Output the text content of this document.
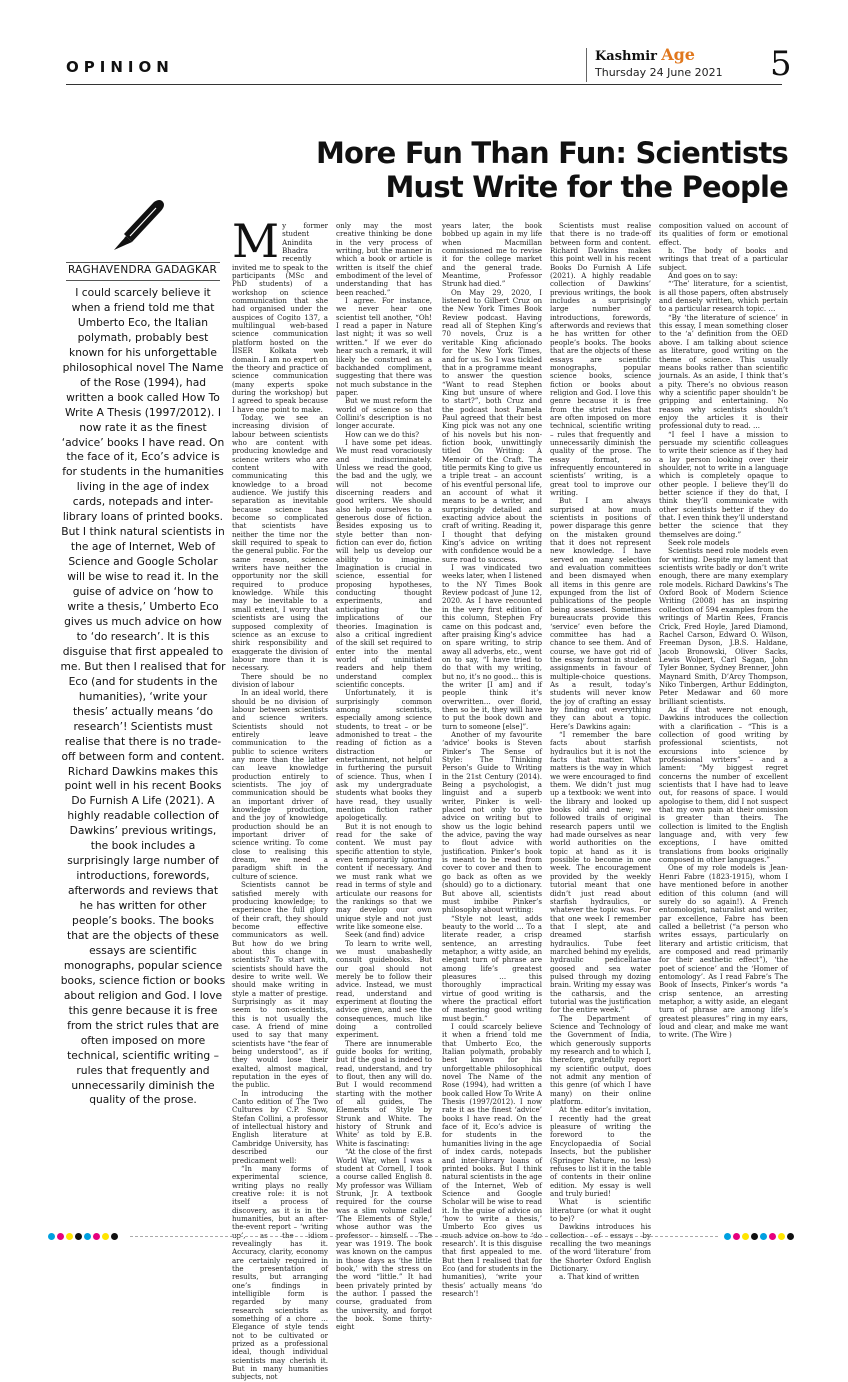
OPINION
Kashmir Age
Thursday 24 June 2021 5
More Fun Than Fun: Scientists
Must Write for the People
RAGHAVENDRA GADAGKAR
I could scarcely believe it when a friend told me that Umberto Eco, the Italian polymath, probably best known for his unforgettable philosophical novel The Name of the Rose (1994), had written a book called How To Write A Thesis (1997/2012). I now rate it as the finest ‘advice’ books I have read. On the face of it, Eco’s advice is for students in the humanities living in the age of index cards, notepads and inter-library loans of printed books. But I think natural scientists in the age of Internet, Web of Science and Google Scholar will be wise to read it. In the guise of advice on ‘how to write a thesis,’ Umberto Eco gives us much advice on how to ‘do research’. It is this disguise that first appealed to me. But then I realised that for Eco (and for students in the humanities), ‘write your thesis’ actually means ‘do research’! Scientists must realise that there is no trade-off between form and content. Richard Dawkins makes this point well in his recent Books Do Furnish A Life (2021). A highly readable collection of Dawkins’ previous writings, the book includes a surprisingly large number of introductions, forewords, afterwords and reviews that he has written for other people’s books. The books that are the objects of these essays are scientific monographs, popular science books, science fiction or books about religion and God. I love this genre because it is free from the strict rules that are often imposed on more technical, scientific writing – rules that frequently and unnecessarily diminish the quality of the prose.
M y former student Anindita Bhadra recently invited me to speak to the participants (MSc and PhD students) of a workshop on science communication that she had organised under the auspices of Cogito 137, a multilingual web-based science communication platform hosted on the IISER Kolkata web domain. I am no expert on the theory and practice of science communication (many experts spoke during the workshop) but I agreed to speak because I have one point to make.

Today, we see an increasing division of labour between scientists who are content with producing knowledge and science writers who are content with communicating this knowledge to a broad audience. We justify this separation as inevitable because science has become so complicated that scientists have neither the time nor the skill required to speak to the general public. For the same reason, science writers have neither the opportunity nor the skill required to produce knowledge. While this may be inevitable to a small extent, I worry that scientists are using the supposed complexity of science as an excuse to shirk responsibility and exaggerate the division of labour more than it is necessary.

There should be no division of labour

In an ideal world, there should be no division of labour between scientists and science writers. Scientists should not entirely leave communication to the public to science writers any more than the latter can leave knowledge production entirely to scientists. The joy of communication should be an important driver of knowledge production, and the joy of knowledge production should be an important driver of science writing. To come close to realising this dream, we need a paradigm shift in the culture of science.

Scientists cannot be satisfied merely with producing knowledge; to experience the full glory of their craft, they should become effective communicators as well. But how do we bring about this change in scientists? To start with, scientists should have the desire to write well. We should make writing in style a matter of prestige. Surprisingly as it may seem to non-scientists, this is not usually the case. A friend of mine used to say that many scientists have “the fear of being understood”, as if they would lose their exalted, almost magical, reputation in the eyes of the public.

In introducing the Canto edition of The Two Cultures by C.P. Snow, Stefan Collini, a professor of intellectual history and English literature at Cambridge University, has described our predicament well:

“In many forms of experimental science, writing plays no really creative role: it is not itself a process of discovery, as it is in the humanities, but an after-the-event report – ‘writing up’, as the idiom revealingly has it. Accuracy, clarity, economy are certainly required in the presentation of results, but arranging one’s findings in intelligible form is regarded by many research scientists as something of a chore … Elegance of style tends not to be cultivated or prized as a professional ideal, though individual scientists may cherish it. But in many humanities subjects, not

only may the most creative thinking be done in the very process of writing, but the manner in which a book or article is written is itself the chief embodiment of the level of understanding that has been reached.”

I agree. For instance, we never hear one scientist tell another, “Oh! I read a paper in Nature last night; it was so well written.” If we ever do hear such a remark, it will likely be construed as a backhanded compliment, suggesting that there was not much substance in the paper.

But we must reform the world of science so that Collini’s description is no longer accurate.

How can we do this?

I have some pet ideas. We must read voraciously and indiscriminately. Unless we read the good, the bad and the ugly, we will not become discerning readers and good writers. We should also help ourselves to a generous dose of fiction. Besides exposing us to style better than non-fiction can ever do, fiction will help us develop our ability to imagine. Imagination is crucial in science, essential for proposing hypotheses, conducting thought experiments, and anticipating the implications of our theories. Imagination is also a critical ingredient of the skill set required to enter into the mental world of uninitiated readers and help them understand complex scientific concepts.

Unfortunately, it is surprisingly common among scientists, especially among science students, to treat – or be admonished to treat – the reading of fiction as a distraction or entertainment, not helpful in furthering the pursuit of science. Thus, when I ask my undergraduate students what books they have read, they usually mention fiction rather apologetically.

But it is not enough to read for the sake of content. We must pay specific attention to style, even temporarily ignoring content if necessary. And we must rank what we read in terms of style and articulate our reasons for the rankings so that we may develop our own unique style and not just write like someone else.

Seek (and find) advice

To learn to write well, we must unabashedly consult guidebooks. But our goal should not merely be to follow their advice. Instead, we must read, understand and experiment at flouting the advice given, and see the consequences, much like doing a controlled experiment.

There are innumerable guide books for writing, but if the goal is indeed to read, understand, and try to flout, then any will do. But I would recommend starting with the mother of all guides, The Elements of Style by Strunk and White. The history of Strunk and White’ as told by E.B. White is fascinating:

“At the close of the first World War, when I was a student at Cornell, I took a course called English 8. My professor was William Strunk, Jr. A textbook required for the course was a slim volume called ‘The Elements of Style,’ whose author was the professor himself. The year was 1919. The book was known on the campus in those days as ‘the little book,’ with the stress on the word “little.” It had been privately printed by the author. I passed the course, graduated from the university, and forgot the book. Some thirty-eight

years later, the book bobbed up again in my life when Macmillan commissioned me to revise it for the college market and the general trade. Meantime, Professor Strunk had died.”

On May 29, 2020, I listened to Gilbert Cruz on the New York Times Book Review podcast. Having read all of Stephen King’s 70 novels, Cruz is a veritable King aficionado for the New York Times, and for us. So I was tickled that in a programme meant to answer the question “Want to read Stephen King but unsure of where to start?”, both Cruz and the podcast host Pamela Paul agreed that their best King pick was not any one of his novels but his non-fiction book, unwittingly titled On Writing: A Memoir of the Craft. The title permits King to give us a triple treat – an account of his eventful personal life, an account of what it means to be a writer, and surprisingly detailed and exacting advice about the craft of writing. Reading it, I thought that defying King’s advice on writing with confidence would be a sure road to success.

I was vindicated two weeks later, when I listened to the NY Times Book Review podcast of June 12, 2020. As I have recounted in the very first edition of this column, Stephen Fry came on this podcast and, after praising King’s advice on spare writing, to strip away all adverbs, etc., went on to say, “I have tried to do that with my writing, but no, it’s no good… this is the writer [I am] and if people think it’s overwritten… over florid, then so be it, they will have to put the book down and turn to someone [else]”.

Another of my favourite ‘advice’ books is Steven Pinker’s The Sense of Style: The Thinking Person’s Guide to Writing in the 21st Century (2014). Being a psychologist, a linguist and a superb writer, Pinker is well-placed not only to give advice on writing but to show us the logic behind the advice, paving the way to flout advice with justification. Pinker’s book is meant to be read from cover to cover and then to go back as often as we (should) go to a dictionary. But above all, scientists must imbibe Pinker’s philosophy about writing:

“Style not least, adds beauty to the world … To a literate reader, a crisp sentence, an arresting metaphor, a witty aside, an elegant turn of phrase are among life’s greatest pleasures … this thoroughly impractical virtue of good writing is where the practical effort of mastering good writing must begin.”

I could scarcely believe it when a friend told me that Umberto Eco, the Italian polymath, probably best known for his unforgettable philosophical novel The Name of the Rose (1994), had written a book called How To Write A Thesis (1997/2012). I now rate it as the finest ‘advice’ books I have read. On the face of it, Eco’s advice is for students in the humanities living in the age of index cards, notepads and inter-library loans of printed books. But I think natural scientists in the age of the Internet, Web of Science and Google Scholar will be wise to read it. In the guise of advice on ‘how to write a thesis,’ Umberto Eco gives us much advice on how to ‘do research’. It is this disguise that first appealed to me. But then I realised that for Eco (and for students in the humanities), ‘write your thesis’ actually means ‘do research’!

Scientists must realise that there is no trade-off between form and content. Richard Dawkins makes this point well in his recent Books Do Furnish A Life (2021). A highly readable collection of Dawkins’ previous writings, the book includes a surprisingly large number of introductions, forewords, afterwords and reviews that he has written for other people’s books. The books that are the objects of these essays are scientific monographs, popular science books, science fiction or books about religion and God. I love this genre because it is free from the strict rules that are often imposed on more technical, scientific writing – rules that frequently and unnecessarily diminish the quality of the prose. The essay format, so infrequently encountered in scientists’ writing, is a great tool to improve our writing.

But I am always surprised at how much scientists in positions of power disparage this genre on the mistaken ground that it does not represent new knowledge. I have served on many selection and evaluation committees and been dismayed when all items in this genre are expunged from the list of publications of the people being assessed. Sometimes bureaucrats provide this ‘service’ even before the committee has had a chance to see them. And of course, we have got rid of the essay format in student assignments in favour of multiple-choice questions. As a result, today’s students will never know the joy of crafting an essay by finding out everything they can about a topic. Here’s Dawkins again:

“I remember the bare facts about starfish hydraulics but it is not the facts that matter. What matters is the way in which we were encouraged to find them. We didn’t just mug up a textbook: we went into the library and looked up books old and new; we followed trails of original research papers until we had made ourselves as near world authorities on the topic at hand as it is possible to become in one week. The encouragement provided by the weekly tutorial meant that one didn’t just read about starfish hydraulics, or whatever the topic was. For that one week I remember that I slept, ate and dreamed starfish hydraulics. Tube feet marched behind my eyelids, hydraulic pedicellariae goosed and sea water pulsed through my dozing brain. Writing my essay was the catharsis, and the tutorial was the justification for the entire week.”

The Department of Science and Technology of the Government of India, which generously supports my research and to which I, therefore, gratefully report my scientific output, does not admit any mention of this genre (of which I have many) on their online platform.

At the editor’s invitation, I recently had the great pleasure of writing the foreword to the Encyclopaedia of Social Insects, but the publisher (Springer Nature, no less) refuses to list it in the table of contents in their online edition. My essay is well and truly buried!

What is scientific literature (or what it ought to be)?

Dawkins introduces his collection of essays by recalling the two meanings of the word ‘literature’ from the Shorter Oxford English Dictionary.

a. That kind of written

composition valued on account of its qualities of form or emotional effect.

b. The body of books and writings that treat of a particular subject.

And goes on to say:

“‘The’ literature, for a scientist, is all those papers, often abstrusely and densely written, which pertain to a particular research topic. …

“By ‘the literature of science’ in this essay, I mean something closer to the ‘a’ definition from the OED above. I am talking about science as literature, good writing on the theme of science. This usually means books rather than scientific journals. As an aside, I think that’s a pity. There’s no obvious reason why a scientific paper shouldn’t be gripping and entertaining. No reason why scientists shouldn’t enjoy the articles it is their professional duty to read. …

“I feel I have a mission to persuade my scientific colleagues to write their science as if they had a lay person looking over their shoulder, not to write in a language which is completely opaque to other people. I believe they’ll do better science if they do that, I think they’ll communicate with other scientists better if they do that. I even think they’ll understand better the science that they themselves are doing.”

Seek role models

Scientists need role models even for writing. Despite my lament that scientists write badly or don’t write enough, there are many exemplary role models. Richard Dawkins’s The Oxford Book of Modern Science Writing (2008) has an inspiring collection of 594 examples from the writings of Martin Rees, Francis Crick, Fred Hoyle, Jared Diamond, Rachel Carson, Edward O. Wilson, Freeman Dyson, J.B.S. Haldane, Jacob Bronowski, Oliver Sacks, Lewis Wolpert, Carl Sagan, John Tyler Bonner, Sydney Brenner, John Maynard Smith, D’Arcy Thompson, Niko Tinbergen, Arthur Eddington, Peter Medawar and 60 more brilliant scientists.

As if that were not enough, Dawkins introduces the collection with a clarification – “This is a collection of good writing by professional scientists, not excursions into science by professional writers” – and a lament: “My biggest regret concerns the number of excellent scientists that I have had to leave out, for reasons of space. I would apologise to them, did I not suspect that my own pain at their omission is greater than theirs. The collection is limited to the English language and, with very few exceptions, I have omitted translations from books originally composed in other languages.”

One of my role models is Jean-Henri Fabre (1823-1915), whom I have mentioned before in another edition of this column (and will surely do so again!). A French entomologist, naturalist and writer, par excellence, Fabre has been called a belletrist (“a person who writes essays, particularly on literary and artistic criticism, that are composed and read primarily for their aesthetic effect”), ‘the poet of science’ and the ‘Homer of entomology’. As I read Fabre’s The Book of Insects, Pinker’s words “a crisp sentence, an arresting metaphor, a witty aside, an elegant turn of phrase are among life’s greatest pleasures” ring in my ears, loud and clear, and make me want to write. (The Wire )
